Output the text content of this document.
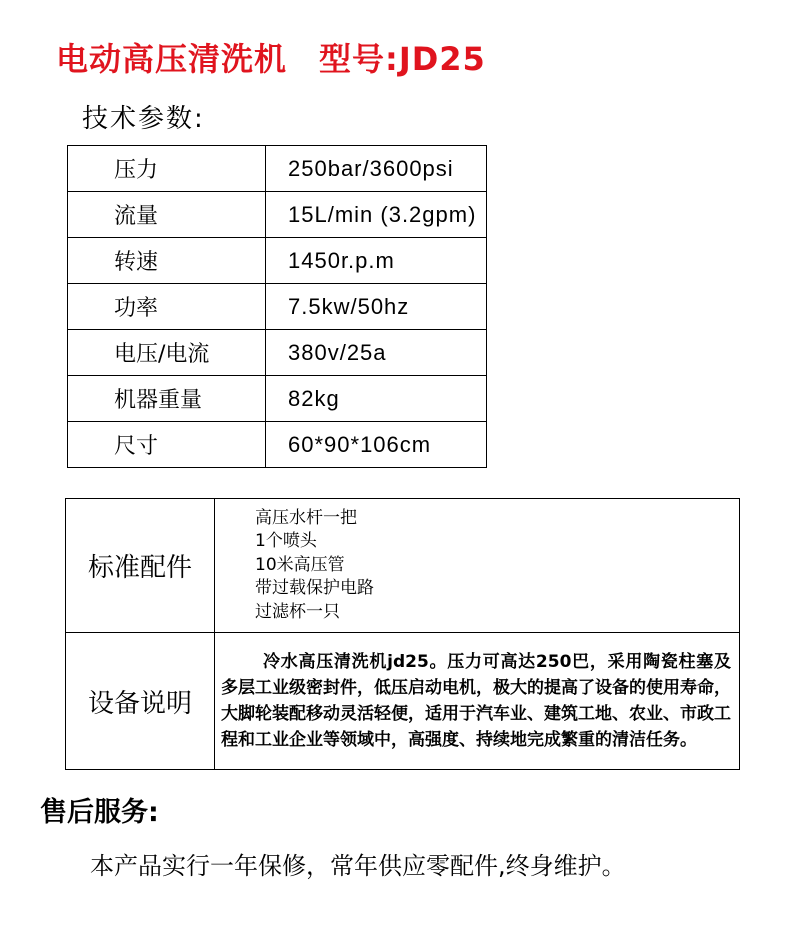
电动高压清洗机 型号:JD25
技术参数:
压力	250bar/3600psi
流量	15L/min (3.2gpm)
转速	1450r.p.m
功率	7.5kw/50hz
电压/电流	380v/25a
机器重量	82kg
尺寸	60*90*106cm
标准配件	高压水杆一把
1个喷头
10米高压管
带过载保护电路
过滤杯一只

设备说明	冷水高压清洗机jd25。压力可高达250巴，采用陶瓷柱塞及多层工业级密封件，低压启动电机，极大的提高了设备的使用寿命，大脚轮装配移动灵活轻便，适用于汽车业、建筑工地、农业、市政工程和工业企业等领域中，高强度、持续地完成繁重的清洁任务。
售后服务:
本产品实行一年保修，常年供应零配件,终身维护。
